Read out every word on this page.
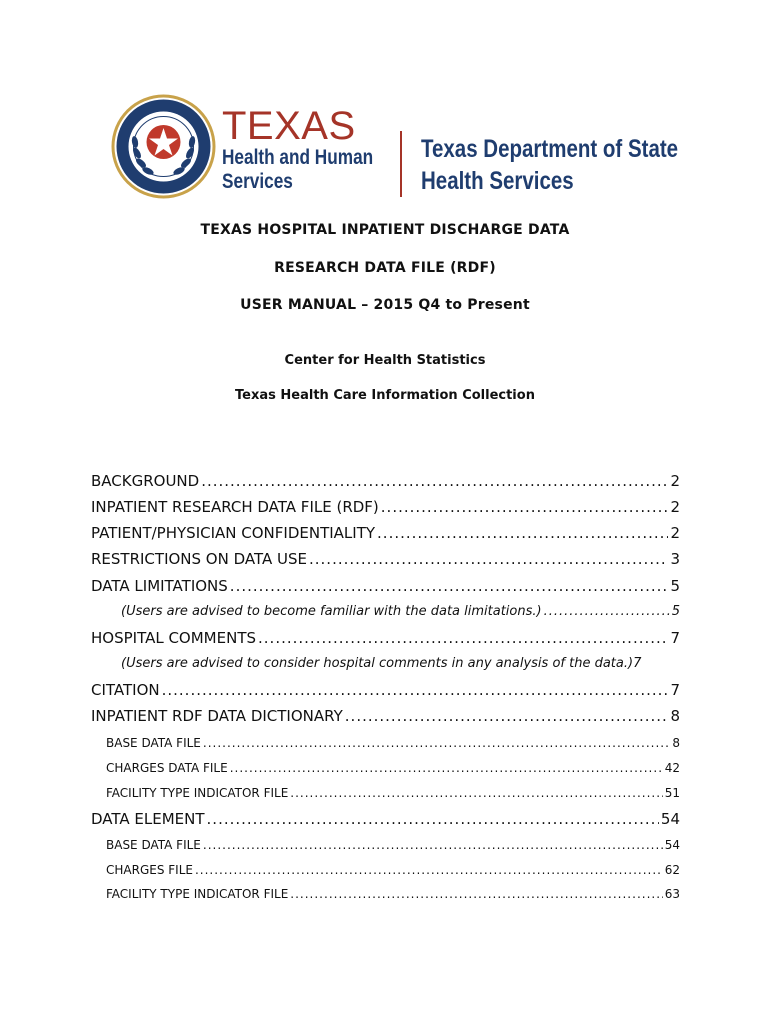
TEXAS
Health and Human
Services
Texas Department of State
Health Services
TEXAS HOSPITAL INPATIENT DISCHARGE DATA
RESEARCH DATA FILE (RDF)
USER MANUAL – 2015 Q4 to Present
Center for Health Statistics
Texas Health Care Information Collection
BACKGROUND .....	2
INPATIENT RESEARCH DATA FILE (RDF) .....	2
PATIENT/PHYSICIAN CONFIDENTIALITY .....	2
RESTRICTIONS ON DATA USE .....	3
DATA LIMITATIONS .....	5
(Users are advised to become familiar with the data limitations.) .....	5
HOSPITAL COMMENTS .....	7
(Users are advised to consider hospital comments in any analysis of the data.) 7
CITATION .....	7
INPATIENT RDF DATA DICTIONARY .....	8
BASE DATA FILE .....	8
CHARGES DATA FILE .....	42
FACILITY TYPE INDICATOR FILE .....	51
DATA ELEMENT .....	54
BASE DATA FILE .....	54
CHARGES FILE .....	62
FACILITY TYPE INDICATOR FILE .....	63
